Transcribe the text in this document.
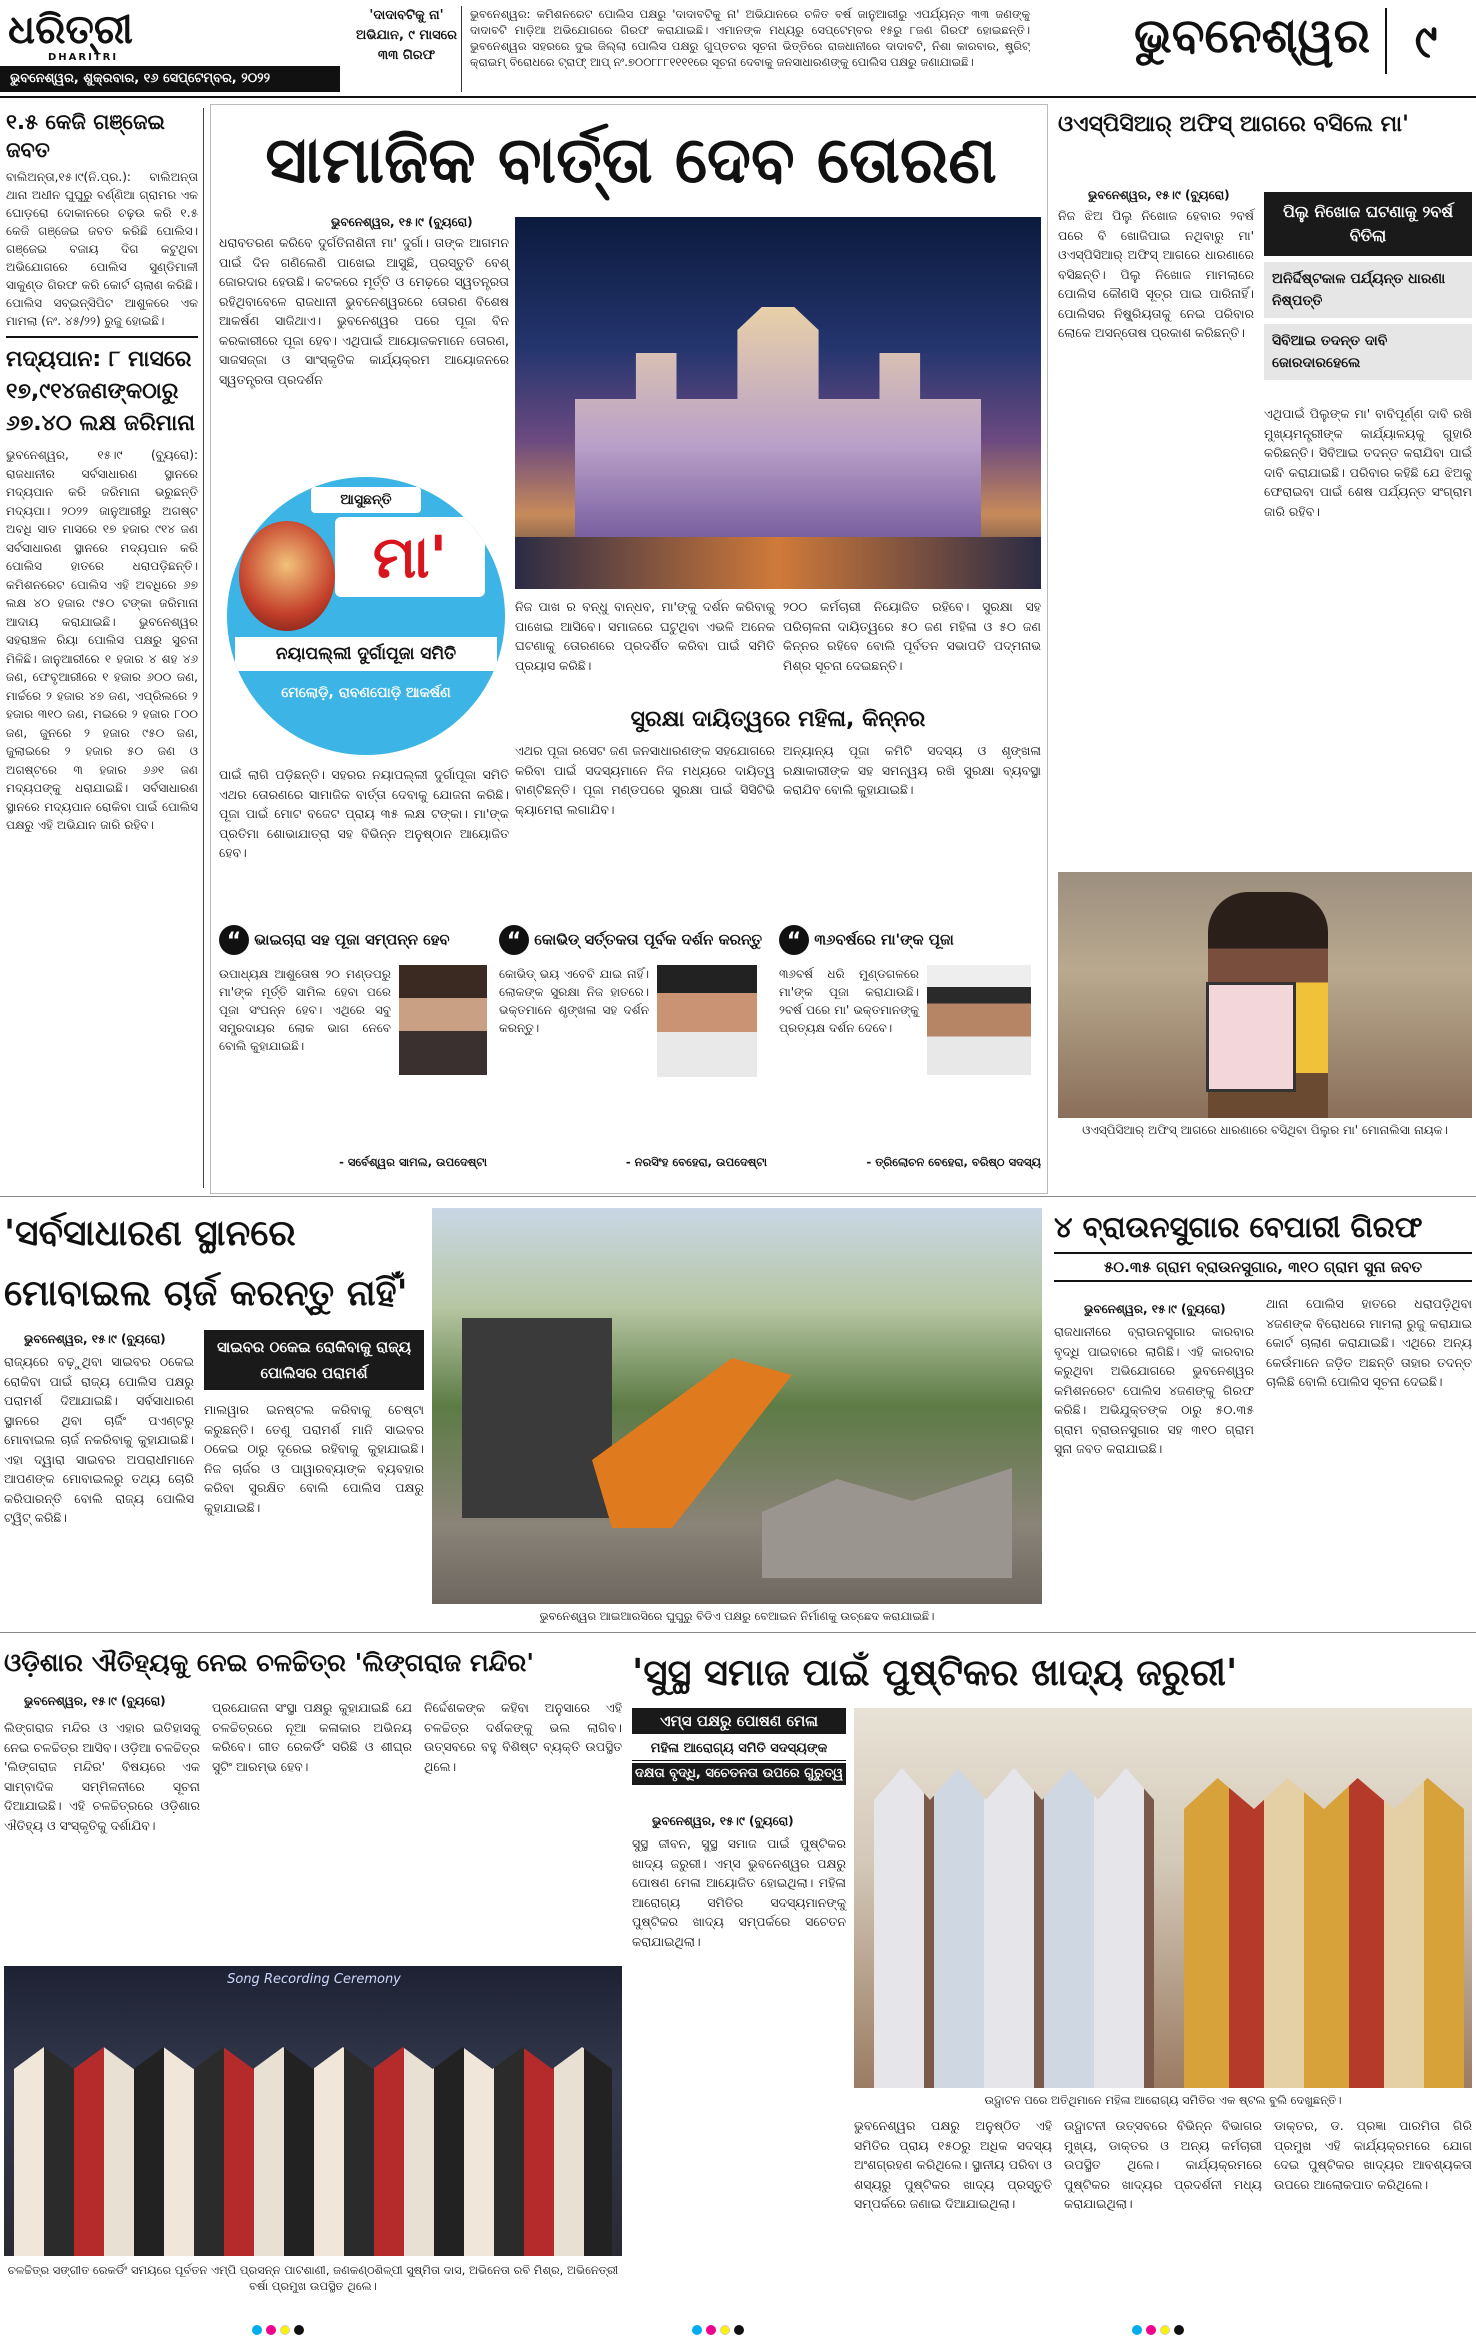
ଧରିତ୍ରୀ
DHARITRI
ଭୁବନେଶ୍ୱର, ଶୁକ୍ରବାର, ୧୬ ସେପ୍ଟେମ୍ବର, ୨୦୨୨
'ଦାଦାବଟିକୁ ନା' ଅଭିଯାନ, ୯ ମାସରେ ୩୩ ଗିରଫ
ଭୁବନେଶ୍ୱର: କମିଶନରେଟ ପୋଲିସ ପକ୍ଷରୁ 'ଦାଦାବଟିକୁ ନା' ଅଭିଯାନରେ ଚଳିତ ବର୍ଷ ଜାନୁଆରୀରୁ ଏପର୍ଯ୍ୟନ୍ତ ୩୩ ଜଣଙ୍କୁ ଦାଦାବଟି ମାଡ଼ିଆ ଅଭିଯୋଗରେ ଗିରଫ କରାଯାଇଛି। ଏମାନଙ୍କ ମଧ୍ୟରୁ ସେପ୍ଟେମ୍ବର ୧୫ରୁ ୮ଜଣ ଗିରଫ ହୋଇଛନ୍ତି। ଭୁବନେଶ୍ୱର ସହରରେ ଦୁଇ ଜିଲ୍ଲା ପୋଲିସ ପକ୍ଷରୁ ଗୁପ୍ତଚର ସୂଚନା ଭିତ୍ତିରେ ରାଜଧାନୀରେ ଦାଦାବଟି, ନିଶା କାରବାର, ଷ୍ଟ୍ରିଟ୍ କ୍ରାଇମ୍ ବିରୋଧରେ ଟ୍ରାଫ୍ ଆପ୍ ନଂ.୭୦୦୮୮୮୧୧୧୧ରେ ସୂଚନା ଦେବାକୁ ଜନସାଧାରଣଙ୍କୁ ପୋଲିସ ପକ୍ଷରୁ ଜଣାଯାଇଛି।	ଭୁବନେଶ୍ୱର ୯
୧.୫ କେଜି ଗଞ୍ଜେଇ ଜବତ
ବାଲିଅନ୍ତା,୧୫।୯(ନି.ପ୍ର.): ବାଲିଅନ୍ତା ଥାନା ଅଧୀନ ଘୁଘୁରୁ ବର୍ଣ୍ଣିଆ ଗ୍ରାମର ଏକ ଘୋଡ଼ରୋ ଦୋକାନରେ ଚଢ଼ଉ କରି ୧.୫ କେଜି ଗଞ୍ଜେଇ ଜବତ କରିଛି ପୋଲିସ। ଗଞ୍ଜେଇ ବଜାୟ ଦିଗ କଟୁଥିବା ଅଭିଯୋଗରେ ପୋଲିସ ସୁଣ୍ଡିମାଳୀ ସାକୁଣ୍ଡ ଗିରଫ କରି କୋର୍ଟ ଚାଲାଣ କରିଛି। ପୋଲିସ ସବ୍ଇନ୍ସିପିଟ ଆଶୁଳରେ ଏକ ମାମଲା (ନଂ. ୪୫/୨୨) ରୁଜୁ ହୋଇଛି।
ମଦ୍ୟପାନ: ୮ ମାସରେ ୧୭,୯୧୪ଜଣଙ୍କଠାରୁ ୬୭.୪୦ ଲକ୍ଷ ଜରିମାନା
ଭୁବନେଶ୍ୱର, ୧୫।୯ (ବ୍ୟୁରୋ): ରାଜଧାନୀର ସର୍ବସାଧାରଣ ସ୍ଥାନରେ ମଦ୍ୟପାନ କରି ଜରିମାନା ଭରୁଛନ୍ତି ମଦ୍ୟପା। ୨୦୨୨ ଜାନୁଆରୀରୁ ଅଗଷ୍ଟ ଅବଧି ସାତ ମାସରେ ୧୭ ହଜାର ୯୧୪ ଜଣ ସର୍ବସାଧାରଣ ସ୍ଥାନରେ ମଦ୍ୟପାନ କରି ପୋଲିସ ହାତରେ ଧରାପଡ଼ିଛନ୍ତି। କମିଶନରେଟ ପୋଲିସ ଏହି ଅବଧିରେ ୬୭ ଲକ୍ଷ ୪୦ ହଜାର ୯୫୦ ଟଙ୍କା ଜରିମାନା ଆଦାୟ କରାଯାଇଛି। ଭୁବନେଶ୍ୱର ସହରାଞ୍ଚଳ ରିୟା ପୋଲିସ ପକ୍ଷରୁ ସୁଚନା ମିଳିଛି। ଜାନୁଆରୀରେ ୧ ହଜାର ୪ ଶହ ୪୬ ଜଣ, ଫେବୃଆରୀରେ ୧ ହଜାର ୬୦୦ ଜଣ, ମାର୍ଚ୍ଚରେ ୨ ହଜାର ୪୭ ଜଣ, ଏପ୍ରିଲରେ ୨ ହଜାର ୩୧୦ ଜଣ, ମଇରେ ୨ ହଜାର ୮୦୦ ଜଣ, ଜୁନରେ ୨ ହଜାର ୯୫୦ ଜଣ, ଜୁଲାଇରେ ୨ ହଜାର ୫୦ ଜଣ ଓ ଅଗଷ୍ଟରେ ୩ ହଜାର ୬୬୧ ଜଣ ମଦ୍ୟପଙ୍କୁ ଧରାଯାଇଛି। ସର୍ବସାଧାରଣ ସ୍ଥାନରେ ମଦ୍ୟପାନ ରୋକିବା ପାଇଁ ପୋଲିସ ପକ୍ଷରୁ ଏହି ଅଭିଯାନ ଜାରି ରହିବ।
ସାମାଜିକ ବାର୍ତ୍ତା ଦେବ ତୋରଣ
ଭୁବନେଶ୍ୱର, ୧୫।୯ (ବ୍ୟୁରୋ)
ଧରାବତରଣ କରିବେ ଦୁର୍ଗତିନାଶିନୀ ମା' ଦୁର୍ଗା। ତାଙ୍କ ଆଗମନ ପାଇଁ ଦିନ ଗଣିଲେଣି ପାଖେଇ ଆସୁଛି, ପ୍ରସ୍ତୁତି ବେଶ୍ ଜୋରଦାର ହେଉଛି। କଟକରେ ମୂର୍ତ୍ତି ଓ ମେଢ଼ରେ ସ୍ୱତନ୍ତ୍ରତା ରହିଥିବାବେଳେ ରାଜଧାନୀ ଭୁବନେଶ୍ୱରରେ ତୋରଣ ବିଶେଷ ଆକର୍ଷଣ ସାଜିଥାଏ। ଭୁବନେଶ୍ୱର ପରେ ପୂଜା ବିନ କରକାରୀରେ ପୂଜା ହେବ। ଏଥିପାଇଁ ଆୟୋଜକମାନେ ତୋରଣ, ସାଜସଜ୍ଜା ଓ ସାଂସ୍କୃତିକ କାର୍ଯ୍ୟକ୍ରମ ଆୟୋଜନରେ ସ୍ୱତନ୍ତ୍ରତା ପ୍ରଦର୍ଶନ
ଆସୁଛନ୍ତି
ମା'
ନୟାପଲ୍ଲୀ ଦୁର୍ଗାପୂଜା ସମିତି
ମେଲୋଡ଼ି, ରାବଣପୋଡ଼ି ଆକର୍ଷଣ
ପାଇଁ ଲାଗି ପଡ଼ିଛନ୍ତି। ସହରର ନୟାପଲ୍ଲୀ ଦୁର୍ଗାପୂଜା ସମିତି ଏଥର ତୋରଣରେ ସାମାଜିକ ବାର୍ତ୍ତା ଦେବାକୁ ଯୋଜନା କରିଛି। ପୂଜା ପାଇଁ ମୋଟ ବଜେଟ ପ୍ରାୟ ୩୫ ଲକ୍ଷ ଟଙ୍କା। ମା'ଙ୍କ ପ୍ରତିମା ଶୋଭାଯାତ୍ରା ସହ ବିଭିନ୍ନ ଅନୁଷ୍ଠାନ ଆୟୋଜିତ ହେବ।
ନିଜ ପାଖ ର ବନ୍ଧୁ ବାନ୍ଧବ, ମା'ଙ୍କୁ ଦର୍ଶନ କରିବାକୁ ପାଖେଇ ଆସିବେ। ସମାଜରେ ଘଟୁଥିବା ଏଭଳି ଅନେକ ଘଟଣାକୁ ତୋରଣରେ ପ୍ରଦର୍ଶିତ କରିବା ପାଇଁ ସମିତି ପ୍ରୟାସ କରିଛି।
୨୦୦ କର୍ମଚାରୀ ନିୟୋଜିତ ରହିବେ। ସୁରକ୍ଷା ସହ ପରିଚାଳନା ଦାୟିତ୍ୱରେ ୫୦ ଜଣ ମହିଳା ଓ ୫୦ ଜଣ କିନ୍ନର ରହିବେ ବୋଲି ପୂର୍ବତନ ସଭାପତି ପଦ୍ମନାଭ ମିଶ୍ର ସୂଚନା ଦେଇଛନ୍ତି।
ସୁରକ୍ଷା ଦାୟିତ୍ୱରେ ମହିଳା, କିନ୍ନର
ଏଥର ପୂଜା ରସେଟ ଜଣ ଜନସାଧାରଣଙ୍କ ସହଯୋଗରେ କରିବା ପାଇଁ ସଦସ୍ୟମାନେ ନିଜ ମଧ୍ୟରେ ଦାୟିତ୍ୱ ବାଣ୍ଟିଛନ୍ତି। ପୂଜା ମଣ୍ଡପରେ ସୁରକ୍ଷା ପାଇଁ ସିସିଟିଭି କ୍ୟାମେରା ଲଗାଯିବ।
ଅନ୍ୟାନ୍ୟ ପୂଜା କମିଟି ସଦସ୍ୟ ଓ ଶୃଙ୍ଖଳା ରକ୍ଷାକାରୀଙ୍କ ସହ ସମନ୍ୱୟ ରଖି ସୁରକ୍ଷା ବ୍ୟବସ୍ଥା କରାଯିବ ବୋଲି କୁହାଯାଇଛି।
“ ଭାଇଚାରା ସହ ପୂଜା ସମ୍ପନ୍ନ ହେବ
ଉପାଧ୍ୟକ୍ଷ ଆଶୁତୋଷ ୨୦ ମଣ୍ଡପରୁ ମା'ଙ୍କ ମୂର୍ତ୍ତି ସାମିଲ ହେବା ପରେ ପୂଜା ସଂପନ୍ନ ହେବ। ଏଥିରେ ସବୁ ସମ୍ପ୍ରଦାୟର ଲୋକ ଭାଗ ନେବେ ବୋଲି କୁହାଯାଇଛି।
- ସର୍ବେଶ୍ୱର ସାମଲ, ଉପଦେଷ୍ଟା
“ କୋଭିଡ୍ ସର୍ତ୍ତକତା ପୂର୍ବକ ଦର୍ଶନ କରନ୍ତୁ
କୋଭିଡ୍ ଭୟ ଏବେବି ଯାଇ ନାହିଁ। ଲୋକଙ୍କ ସୁରକ୍ଷା ନିଜ ହାତରେ। ଭକ୍ତମାନେ ଶୃଙ୍ଖଳା ସହ ଦର୍ଶନ କରନ୍ତୁ।
- ନରସିଂହ ବେହେରା, ଉପଦେଷ୍ଟା
“ ୩୬ବର୍ଷରେ ମା'ଙ୍କ ପୂଜା
୩୬ବର୍ଷ ଧରି ମୁଣ୍ଡଗଳରେ ମା'ଙ୍କ ପୂଜା କରାଯାଉଛି। ୨ବର୍ଷ ପରେ ମା' ଭକ୍ତମାନଙ୍କୁ ପ୍ରତ୍ୟକ୍ଷ ଦର୍ଶନ ଦେବେ।
- ତ୍ରିଲୋଚନ ବେହେରା, ବରିଷ୍ଠ ସଦସ୍ୟ
ଓଏସ୍‌ପିସିଆର୍ ଅଫିସ୍ ଆଗରେ ବସିଲେ ମା'
ଭୁବନେଶ୍ୱର, ୧୫।୯ (ବ୍ୟୁରୋ)
ନିଜ ଝିଅ ପିଲୁ ନିଖୋଜ ହେବାର ୨ବର୍ଷ ପରେ ବି ଖୋଜିପାଇ ନଥିବାରୁ ମା' ଓଏସ୍‌ପିସିଆର୍ ଅଫିସ୍ ଆଗରେ ଧାରଣାରେ ବସିଛନ୍ତି। ପିଲୁ ନିଖୋଜ ମାମଲାରେ ପୋଲିସ କୌଣସି ସୂତ୍ର ପାଇ ପାରିନାହିଁ। ପୋଲିସର ନିଷ୍କ୍ରିୟତାକୁ ନେଇ ପରିବାର ଲୋକେ ଅସନ୍ତୋଷ ପ୍ରକାଶ କରିଛନ୍ତି।
ପିଲୁ ନିଖୋଜ ଘଟଣାକୁ ୨ବର୍ଷ ବିତିଲା
ଅନିର୍ଦ୍ଦିଷ୍ଟକାଳ ପର୍ଯ୍ୟନ୍ତ ଧାରଣା ନିଷ୍ପତ୍ତି
ସିବିଆଇ ତଦନ୍ତ ଦାବି ଜୋରଦାରହେଲେ
ଏଥିପାଇଁ ପିଲୁଙ୍କ ମା' ବାବିପୂର୍ଣ୍ଣ ଦାବି ରଖି ମୁଖ୍ୟମନ୍ତ୍ରୀଙ୍କ କାର୍ଯ୍ୟାଳୟକୁ ଗୁହାରି କରିଛନ୍ତି। ସିବିଆଇ ତଦନ୍ତ କରାଯିବା ପାଇଁ ଦାବି କରାଯାଇଛି। ପରିବାର କହିଛି ଯେ ଝିଅକୁ ଫେରାଇବା ପାଇଁ ଶେଷ ପର୍ଯ୍ୟନ୍ତ ସଂଗ୍ରାମ ଜାରି ରହିବ।
ଓଏସ୍‌ପିସିଆର୍ ଅଫିସ୍ ଆଗରେ ଧାରଣାରେ ବସିଥିବା ପିଲୁର ମା' ମୋନାଲିସା ନାୟକ।
'ସର୍ବସାଧାରଣ ସ୍ଥାନରେ
ମୋବାଇଲ ଚାର୍ଜ କରନ୍ତୁ ନାହିଁ'
ଭୁବନେଶ୍ୱର, ୧୫।୯ (ବ୍ୟୁରୋ)
ରାଜ୍ୟରେ ବଢ଼ୁଥିବା ସାଇବର ଠକେଇ ରୋକିବା ପାଇଁ ରାଜ୍ୟ ପୋଲିସ ପକ୍ଷରୁ ପରାମର୍ଶ ଦିଆଯାଇଛି। ସର୍ବସାଧାରଣ ସ୍ଥାନରେ ଥିବା ଚାର୍ଜିଂ ପଏଣ୍ଟରୁ ମୋବାଇଲ ଚାର୍ଜ ନକରିବାକୁ କୁହାଯାଇଛି। ଏହା ଦ୍ୱାରା ସାଇବର ଅପରାଧୀମାନେ ଆପଣଙ୍କ ମୋବାଇଲରୁ ତଥ୍ୟ ଚୋରି କରିପାରନ୍ତି ବୋଲି ରାଜ୍ୟ ପୋଲିସ ଟ୍ୱିଟ୍ କରିଛି।
ସାଇବର ଠକେଇ ରୋକିବାକୁ ରାଜ୍ୟ ପୋଲିସର ପରାମର୍ଶ
ମାଲୱାର ଇନଷ୍ଟଲ କରିବାକୁ ଚେଷ୍ଟା କରୁଛନ୍ତି। ତେଣୁ ପରାମର୍ଶ ମାନି ସାଇବର ଠକେଇ ଠାରୁ ଦୂରେଇ ରହିବାକୁ କୁହାଯାଇଛି। ନିଜ ଚାର୍ଜର ଓ ପାୱାରବ୍ୟାଙ୍କ ବ୍ୟବହାର କରିବା ସୁରକ୍ଷିତ ବୋଲି ପୋଲିସ ପକ୍ଷରୁ କୁହାଯାଇଛି।
ଭୁବନେଶ୍ୱର ଆଇଆରସିରେ ଘୁଘୁରୁ ବିଡିଏ ପକ୍ଷରୁ ବେଆଇନ ନିର୍ମାଣକୁ ଉଚ୍ଛେଦ କରାଯାଇଛି।
୪ ବ୍ରାଉନସୁଗାର ବେପାରୀ ଗିରଫ
୫୦.୩୫ ଗ୍ରାମ ବ୍ରାଉନସୁଗାର, ୩୧୦ ଗ୍ରାମ ସୁନା ଜବତ
ଭୁବନେଶ୍ୱର, ୧୫।୯ (ବ୍ୟୁରୋ)
ରାଜଧାନୀରେ ବ୍ରାଉନସୁଗାର କାରବାର ବୃଦ୍ଧି ପାଇବାରେ ଲାଗିଛି। ଏହି କାରବାର କରୁଥିବା ଅଭିଯୋଗରେ ଭୁବନେଶ୍ୱର କମିଶନରେଟ ପୋଲିସ ୪ଜଣଙ୍କୁ ଗିରଫ କରିଛି। ଅଭିଯୁକ୍ତଙ୍କ ଠାରୁ ୫୦.୩୫ ଗ୍ରାମ ବ୍ରାଉନସୁଗାର ସହ ୩୧୦ ଗ୍ରାମ ସୁନା ଜବତ କରାଯାଇଛି।
ଥାନା ପୋଲିସ ହାତରେ ଧରାପଡ଼ିଥିବା ୪ଜଣଙ୍କ ବିରୋଧରେ ମାମଲା ରୁଜୁ କରାଯାଇ କୋର୍ଟ ଚାଲାଣ କରାଯାଇଛି। ଏଥିରେ ଅନ୍ୟ କେଉଁମାନେ ଜଡ଼ିତ ଅଛନ୍ତି ତାହାର ତଦନ୍ତ ଚାଲିଛି ବୋଲି ପୋଲିସ ସୂଚନା ଦେଇଛି।
ଓଡ଼ିଶାର ଐତିହ୍ୟକୁ ନେଇ ଚଳଚ୍ଚିତ୍ର 'ଲିଙ୍ଗରାଜ ମନ୍ଦିର'
ଭୁବନେଶ୍ୱର, ୧୫।୯ (ବ୍ୟୁରୋ)
ଲିଙ୍ଗରାଜ ମନ୍ଦିର ଓ ଏହାର ଇତିହାସକୁ ନେଇ ଚଳଚ୍ଚିତ୍ର ଆସିବ। ଓଡ଼ିଆ ଚଳଚ୍ଚିତ୍ର 'ଲିଙ୍ଗରାଜ ମନ୍ଦିର' ବିଷୟରେ ଏକ ସାମ୍ବାଦିକ ସମ୍ମିଳନୀରେ ସୂଚନା ଦିଆଯାଇଛି। ଏହି ଚଳଚ୍ଚିତ୍ରରେ ଓଡ଼ିଶାର ଐତିହ୍ୟ ଓ ସଂସ୍କୃତିକୁ ଦର୍ଶାଯିବ।
ପ୍ରଯୋଜନା ସଂସ୍ଥା ପକ୍ଷରୁ କୁହାଯାଇଛି ଯେ ଚଳଚ୍ଚିତ୍ରରେ ନୂଆ କଳାକାର ଅଭିନୟ କରିବେ। ଗୀତ ରେକର୍ଡିଂ ସରିଛି ଓ ଶୀଘ୍ର ସୁଟିଂ ଆରମ୍ଭ ହେବ।
ନିର୍ଦ୍ଦେଶକଙ୍କ କହିବା ଅନୁସାରେ ଏହି ଚଳଚ୍ଚିତ୍ର ଦର୍ଶକଙ୍କୁ ଭଲ ଲାଗିବ। ଉତ୍ସବରେ ବହୁ ବିଶିଷ୍ଟ ବ୍ୟକ୍ତି ଉପସ୍ଥିତ ଥିଲେ।
Song Recording Ceremony
ଚଳଚ୍ଚିତ୍ର ସଙ୍ଗୀତ ରେକର୍ଡିଂ ସମୟରେ ପୂର୍ବତନ ଏମ୍ପି ପ୍ରସନ୍ନ ପାଟଶାଣୀ, ଜଣକଣ୍ଠଶିଳ୍ପୀ ସୁଷ୍ମିତା ଦାସ, ଅଭିନେତା ରବି ମିଶ୍ର, ଅଭିନେତ୍ରୀ ବର୍ଷା ପ୍ରମୁଖ ଉପସ୍ଥିତ ଥିଲେ।
'ସୁସ୍ଥ ସମାଜ ପାଇଁ ପୁଷ୍ଟିକର ଖାଦ୍ୟ ଜରୁରୀ'
ଏମ୍ସ ପକ୍ଷରୁ ପୋଷଣ ମେଳା
ମହିଳା ଆରୋଗ୍ୟ ସମିତି ସଦସ୍ୟଙ୍କ
ଦକ୍ଷତା ବୃଦ୍ଧି, ସଚେତନତା ଉପରେ ଗୁରୁତ୍ୱ
ଭୁବନେଶ୍ୱର, ୧୫।୯ (ବ୍ୟୁରୋ)
ସୁସ୍ଥ ଜୀବନ, ସୁସ୍ଥ ସମାଜ ପାଇଁ ପୁଷ୍ଟିକର ଖାଦ୍ୟ ଜରୁରୀ। ଏମ୍ସ ଭୁବନେଶ୍ୱର ପକ୍ଷରୁ ପୋଷଣ ମେଳା ଆୟୋଜିତ ହୋଇଥିଲା। ମହିଳା ଆରୋଗ୍ୟ ସମିତିର ସଦସ୍ୟମାନଙ୍କୁ ପୁଷ୍ଟିକର ଖାଦ୍ୟ ସମ୍ପର୍କରେ ସଚେତନ କରାଯାଇଥିଲା।
ଉଦ୍ଘାଟନ ପରେ ଅତିଥିମାନେ ମହିଳା ଆରୋଗ୍ୟ ସମିତିର ଏକ ଷ୍ଟଲ ବୁଲି ଦେଖୁଛନ୍ତି।
ଭୁବନେଶ୍ୱର ପକ୍ଷରୁ ଅନୁଷ୍ଠିତ ଏହି ସମିତିର ପ୍ରାୟ ୧୫୦ରୁ ଅଧିକ ସଦସ୍ୟ ଅଂଶଗ୍ରହଣ କରିଥିଲେ। ସ୍ଥାନୀୟ ପରିବା ଓ ଶସ୍ୟରୁ ପୁଷ୍ଟିକର ଖାଦ୍ୟ ପ୍ରସ୍ତୁତି ସମ୍ପର୍କରେ ଜଣାଇ ଦିଆଯାଇଥିଲା।
ଉଦ୍ଘାଟନୀ ଉତ୍ସବରେ ବିଭିନ୍ନ ବିଭାଗର ମୁଖ୍ୟ, ଡାକ୍ତର ଓ ଅନ୍ୟ କର୍ମଚାରୀ ଉପସ୍ଥିତ ଥିଲେ। କାର୍ଯ୍ୟକ୍ରମରେ ପୁଷ୍ଟିକର ଖାଦ୍ୟର ପ୍ରଦର୍ଶନୀ ମଧ୍ୟ କରାଯାଇଥିଲା।
ଡାକ୍ତର, ଡ. ପ୍ରଜ୍ଞା ପାରମିତା ଗିରି ପ୍ରମୁଖ ଏହି କାର୍ଯ୍ୟକ୍ରମରେ ଯୋଗ ଦେଇ ପୁଷ୍ଟିକର ଖାଦ୍ୟର ଆବଶ୍ୟକତା ଉପରେ ଆଲୋକପାତ କରିଥିଲେ।
